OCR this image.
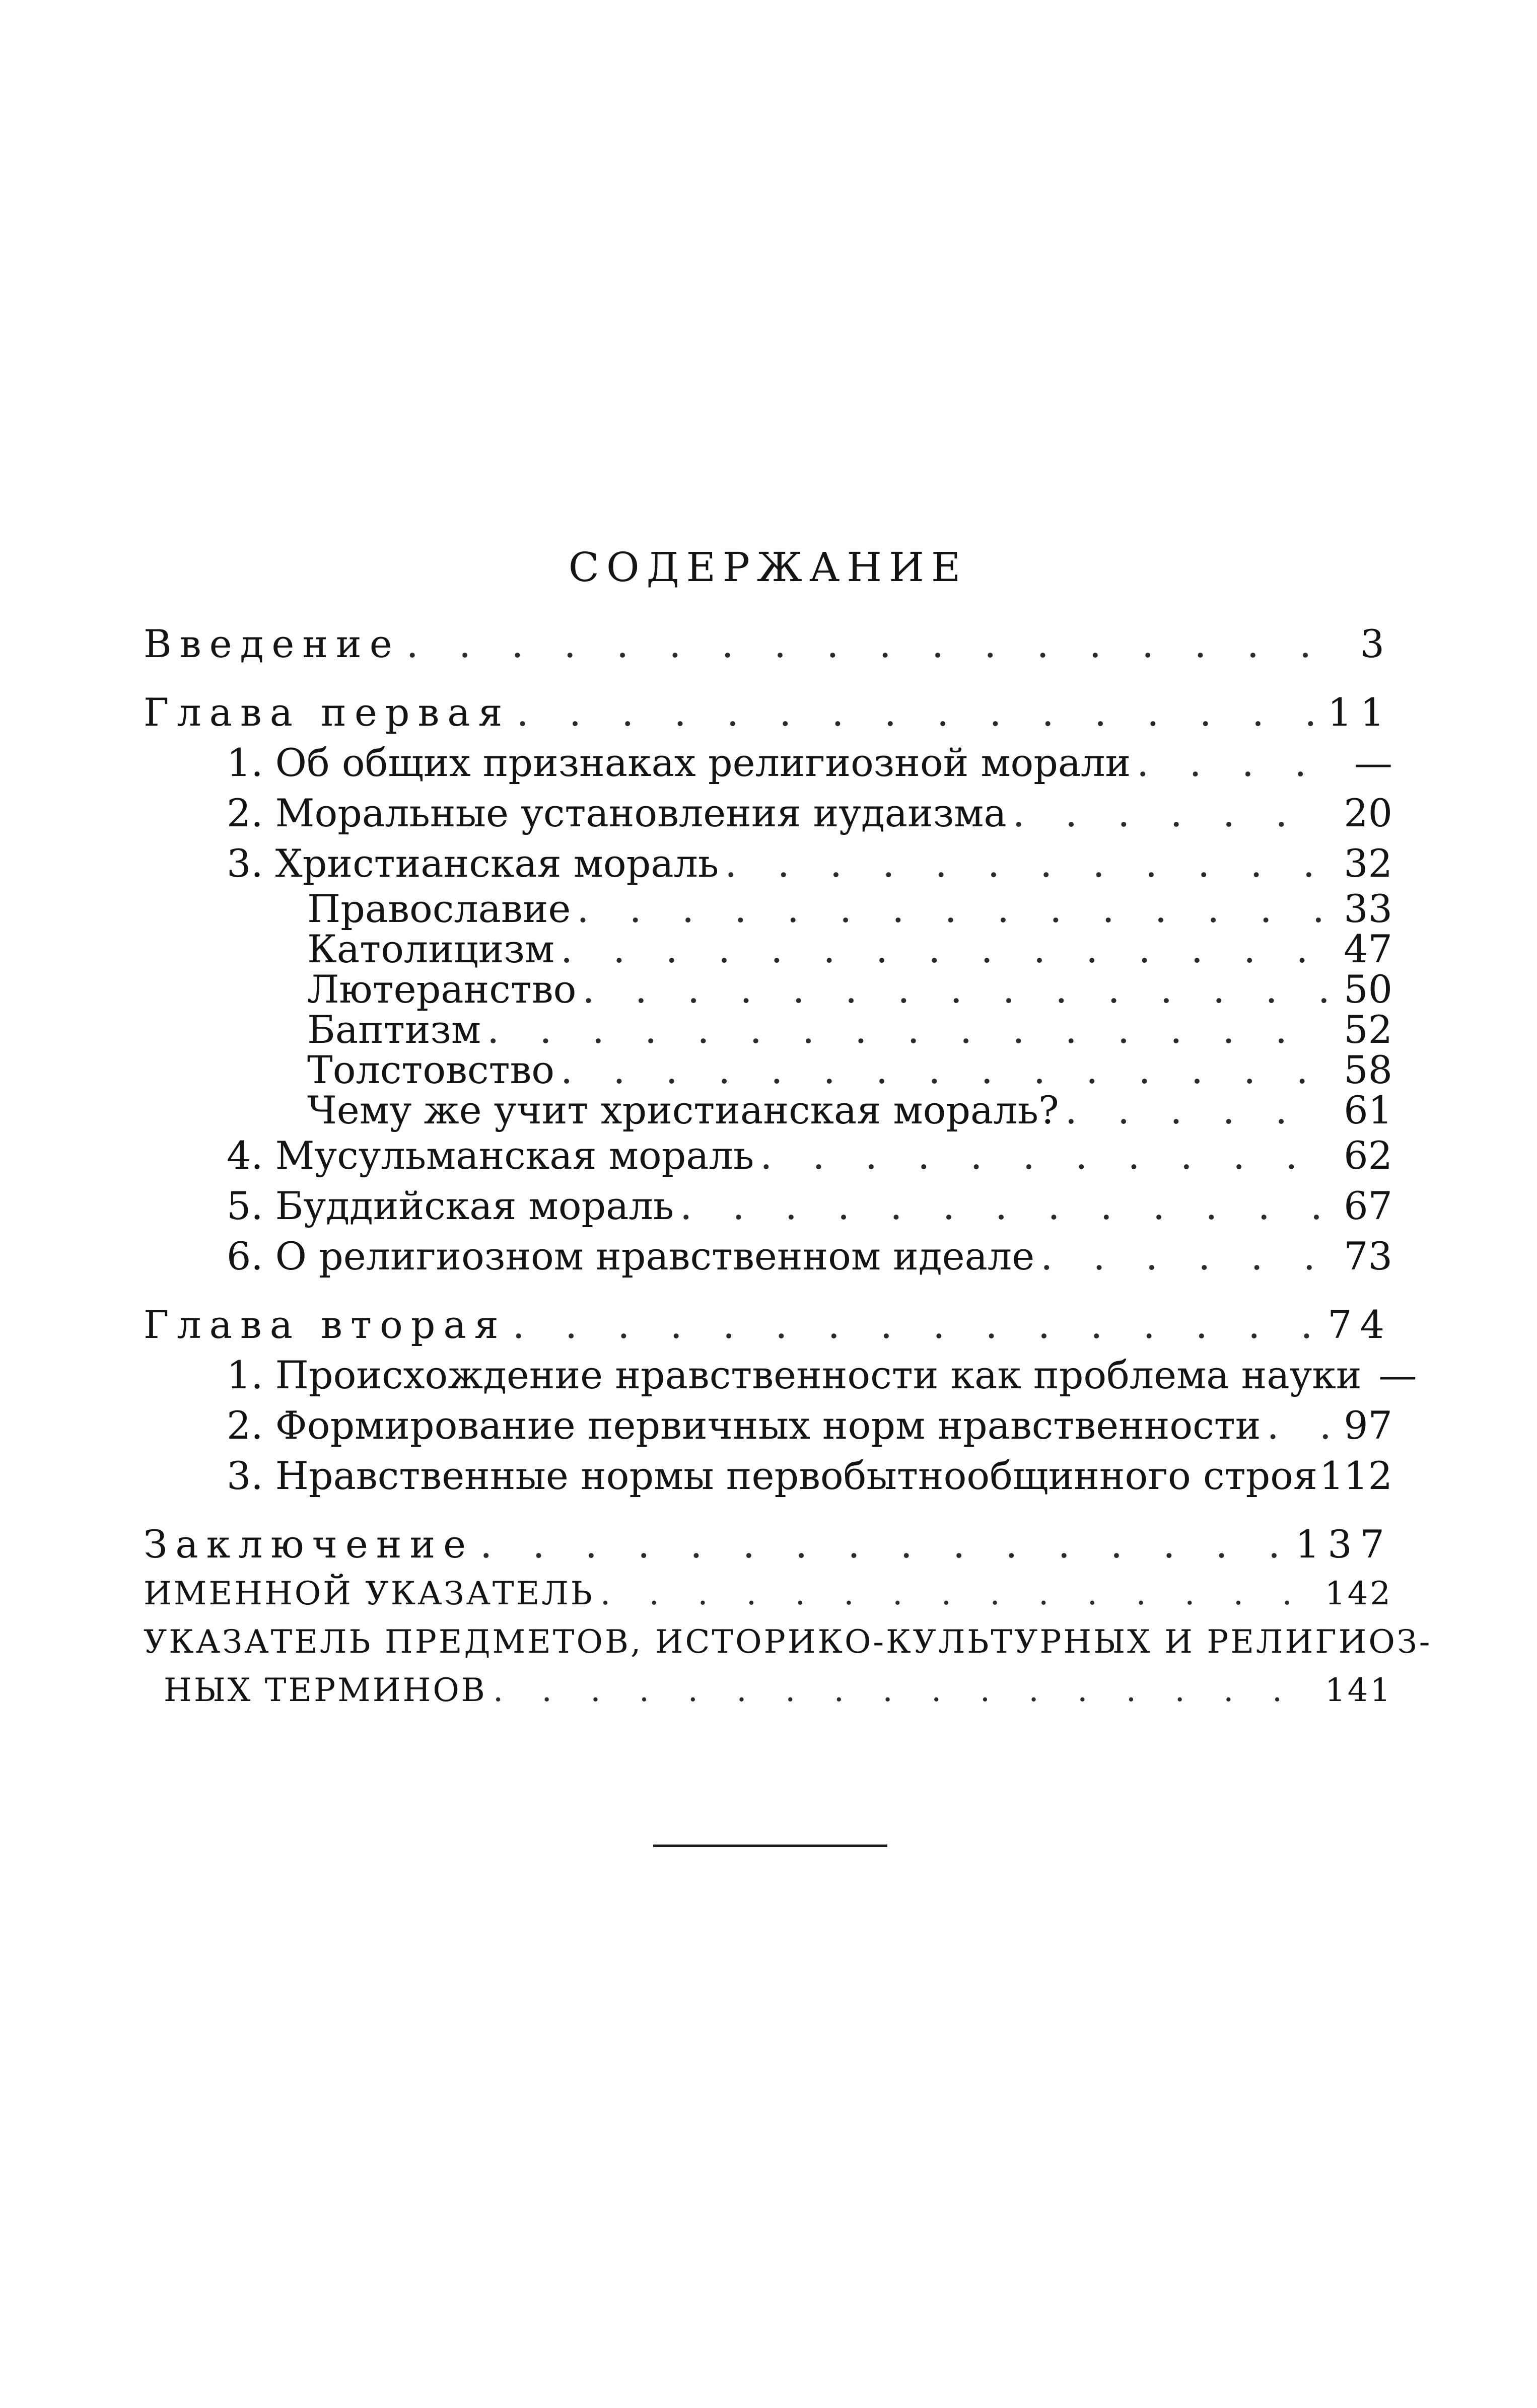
СОДЕРЖАНИЕ
Введение . . .	3
Глава первая . . .	11
1. Об общих признаках религиозной морали . . .	—
2. Моральные установления иудаизма . . .	20
3. Христианская мораль . . .	32
Православие . . .	33
Католицизм . . .	47
Лютеранство . . .	50
Баптизм . . .	52
Толстовство . . .	58
Чему же учит христианская мораль? . . .	61
4. Мусульманская мораль . . .	62
5. Буддийская мораль . . .	67
6. О религиозном нравственном идеале . . .	73
Глава вторая . . .	74
1. Происхождение нравственности как проблема науки —
2. Формирование первичных норм нравственности . . . 97
3. Нравственные нормы первобытнообщинного строя 112
Заключение . . .	137
ИМЕННОЙ УКАЗАТЕЛЬ . . .	142
УКАЗАТЕЛЬ ПРЕДМЕТОВ, ИСТОРИКО-КУЛЬТУРНЫХ И РЕЛИГИОЗ-
НЫХ ТЕРМИНОВ . . .	141
